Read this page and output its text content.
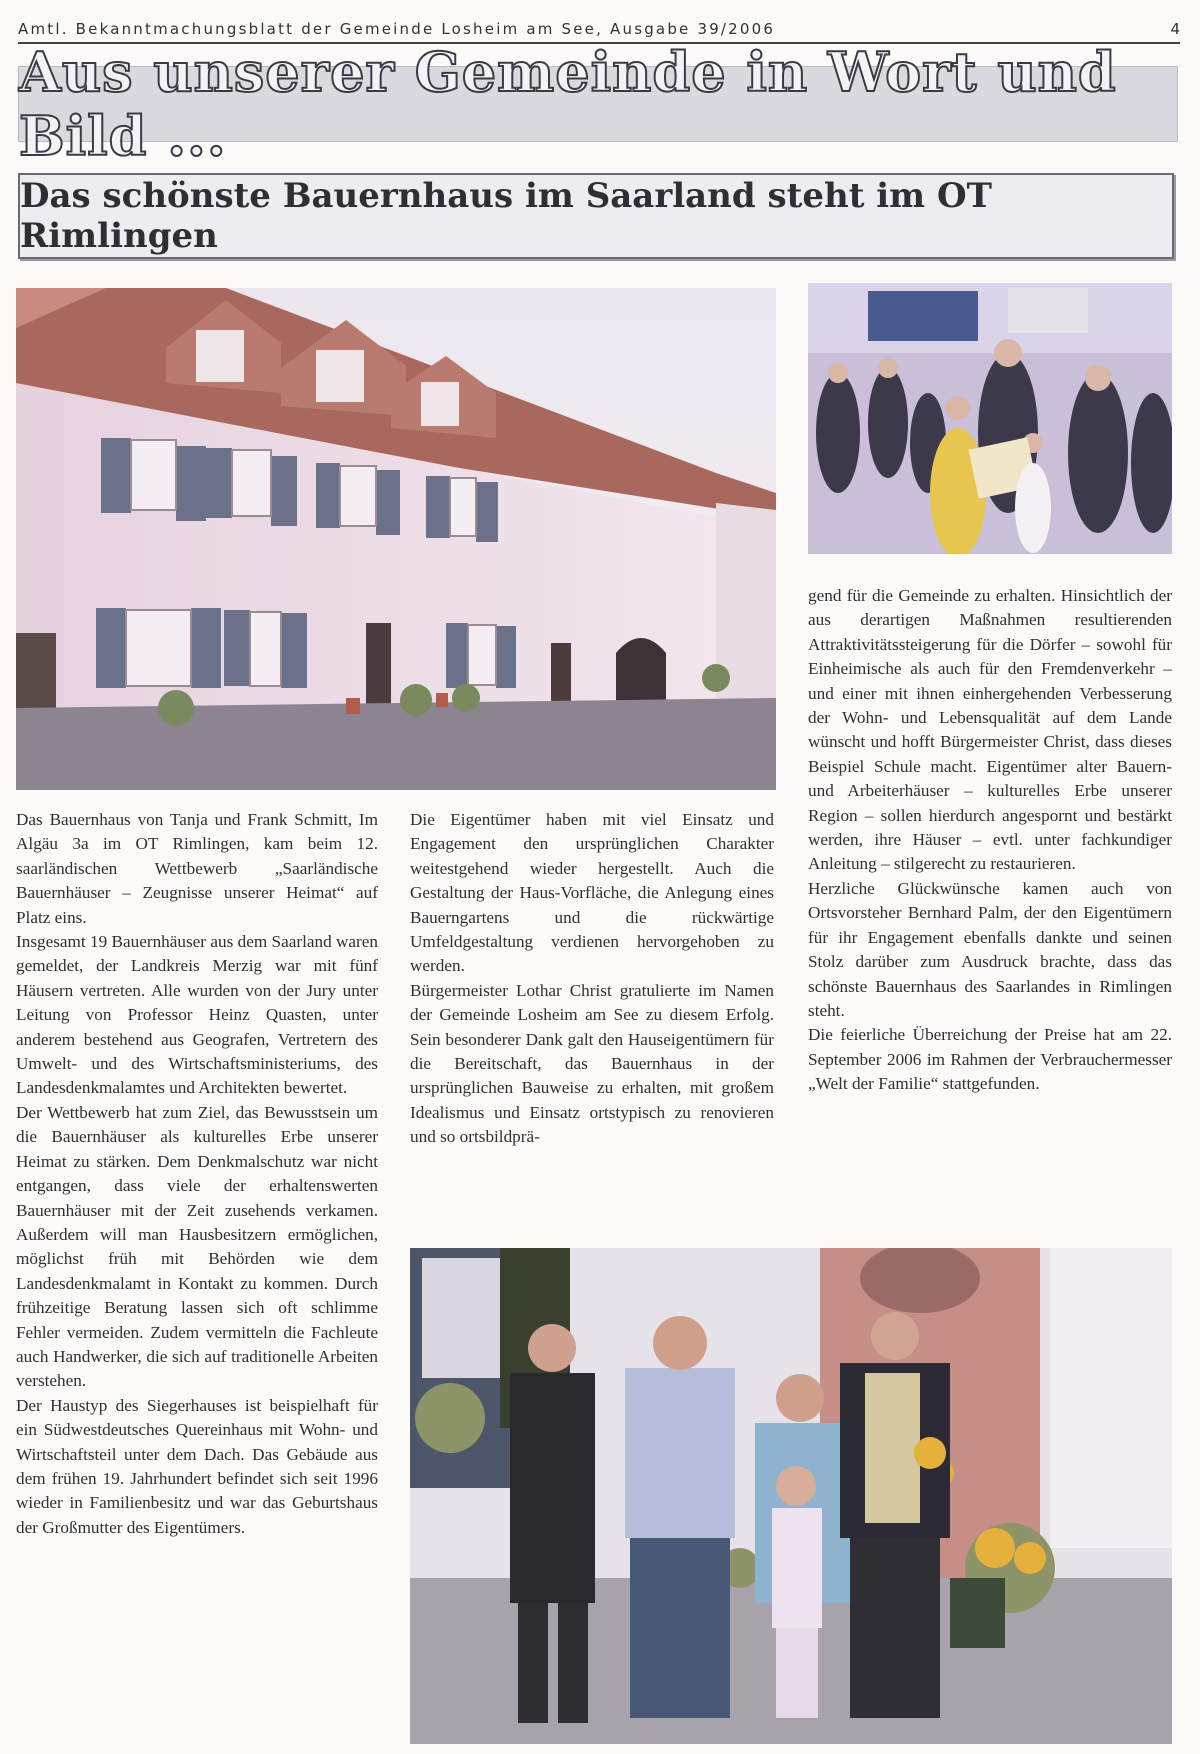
Amtl. Bekanntmachungsblatt der Gemeinde Losheim am See, Ausgabe 39/2006	4
Aus unserer Gemeinde in Wort und Bild ...
Das schönste Bauernhaus im Saarland steht im OT Rimlingen

Das Bauernhaus von Tanja und Frank Schmitt, Im Algäu 3a im OT Rimlingen, kam beim 12. saarländischen Wettbewerb „Saarländische Bauernhäuser – Zeugnisse unserer Heimat“ auf Platz eins.

Insgesamt 19 Bauernhäuser aus dem Saarland waren gemeldet, der Landkreis Merzig war mit fünf Häusern vertreten. Alle wurden von der Jury unter Leitung von Professor Heinz Quasten, unter anderem bestehend aus Geografen, Vertretern des Umwelt- und des Wirtschaftsministeriums, des Landesdenkmalamtes und Architekten bewertet.

Der Wettbewerb hat zum Ziel, das Bewusstsein um die Bauernhäuser als kulturelles Erbe unserer Heimat zu stärken. Dem Denkmalschutz war nicht entgangen, dass viele der erhaltenswerten Bauernhäuser mit der Zeit zusehends verkamen. Außerdem will man Hausbesitzern ermöglichen, möglichst früh mit Behörden wie dem Landesdenkmalamt in Kontakt zu kommen. Durch frühzeitige Beratung lassen sich oft schlimme Fehler vermeiden. Zudem vermitteln die Fachleute auch Handwerker, die sich auf traditionelle Arbeiten verstehen.

Der Haustyp des Siegerhauses ist beispielhaft für ein Südwestdeutsches Quereinhaus mit Wohn- und Wirtschaftsteil unter dem Dach. Das Gebäude aus dem frühen 19. Jahrhundert befindet sich seit 1996 wieder in Familienbesitz und war das Geburtshaus der Großmutter des Eigentümers.

Die Eigentümer haben mit viel Einsatz und Engagement den ursprünglichen Charakter weitestgehend wieder hergestellt. Auch die Gestaltung der Haus-Vorfläche, die Anlegung eines Bauerngartens und die rückwärtige Umfeldgestaltung verdienen hervorgehoben zu werden.

Bürgermeister Lothar Christ gratulierte im Namen der Gemeinde Losheim am See zu diesem Erfolg. Sein besonderer Dank galt den Hauseigentümern für die Bereitschaft, das Bauernhaus in der ursprünglichen Bauweise zu erhalten, mit großem Idealismus und Einsatz ortstypisch zu renovieren und so ortsbildprä-

gend für die Gemeinde zu erhalten. Hinsichtlich der aus derartigen Maßnahmen resultierenden Attraktivitätssteigerung für die Dörfer – sowohl für Einheimische als auch für den Fremdenverkehr – und einer mit ihnen einhergehenden Verbesserung der Wohn- und Lebensqualität auf dem Lande wünscht und hofft Bürgermeister Christ, dass dieses Beispiel Schule macht. Eigentümer alter Bauern- und Arbeiterhäuser – kulturelles Erbe unserer Region – sollen hierdurch angespornt und bestärkt werden, ihre Häuser – evtl. unter fachkundiger Anleitung – stilgerecht zu restaurieren.

Herzliche Glückwünsche kamen auch von Ortsvorsteher Bernhard Palm, der den Eigentümern für ihr Engagement ebenfalls dankte und seinen Stolz darüber zum Ausdruck brachte, dass das schönste Bauernhaus des Saarlandes in Rimlingen steht.

Die feierliche Überreichung der Preise hat am 22. September 2006 im Rahmen der Verbrauchermesser „Welt der Familie“ stattgefunden.
